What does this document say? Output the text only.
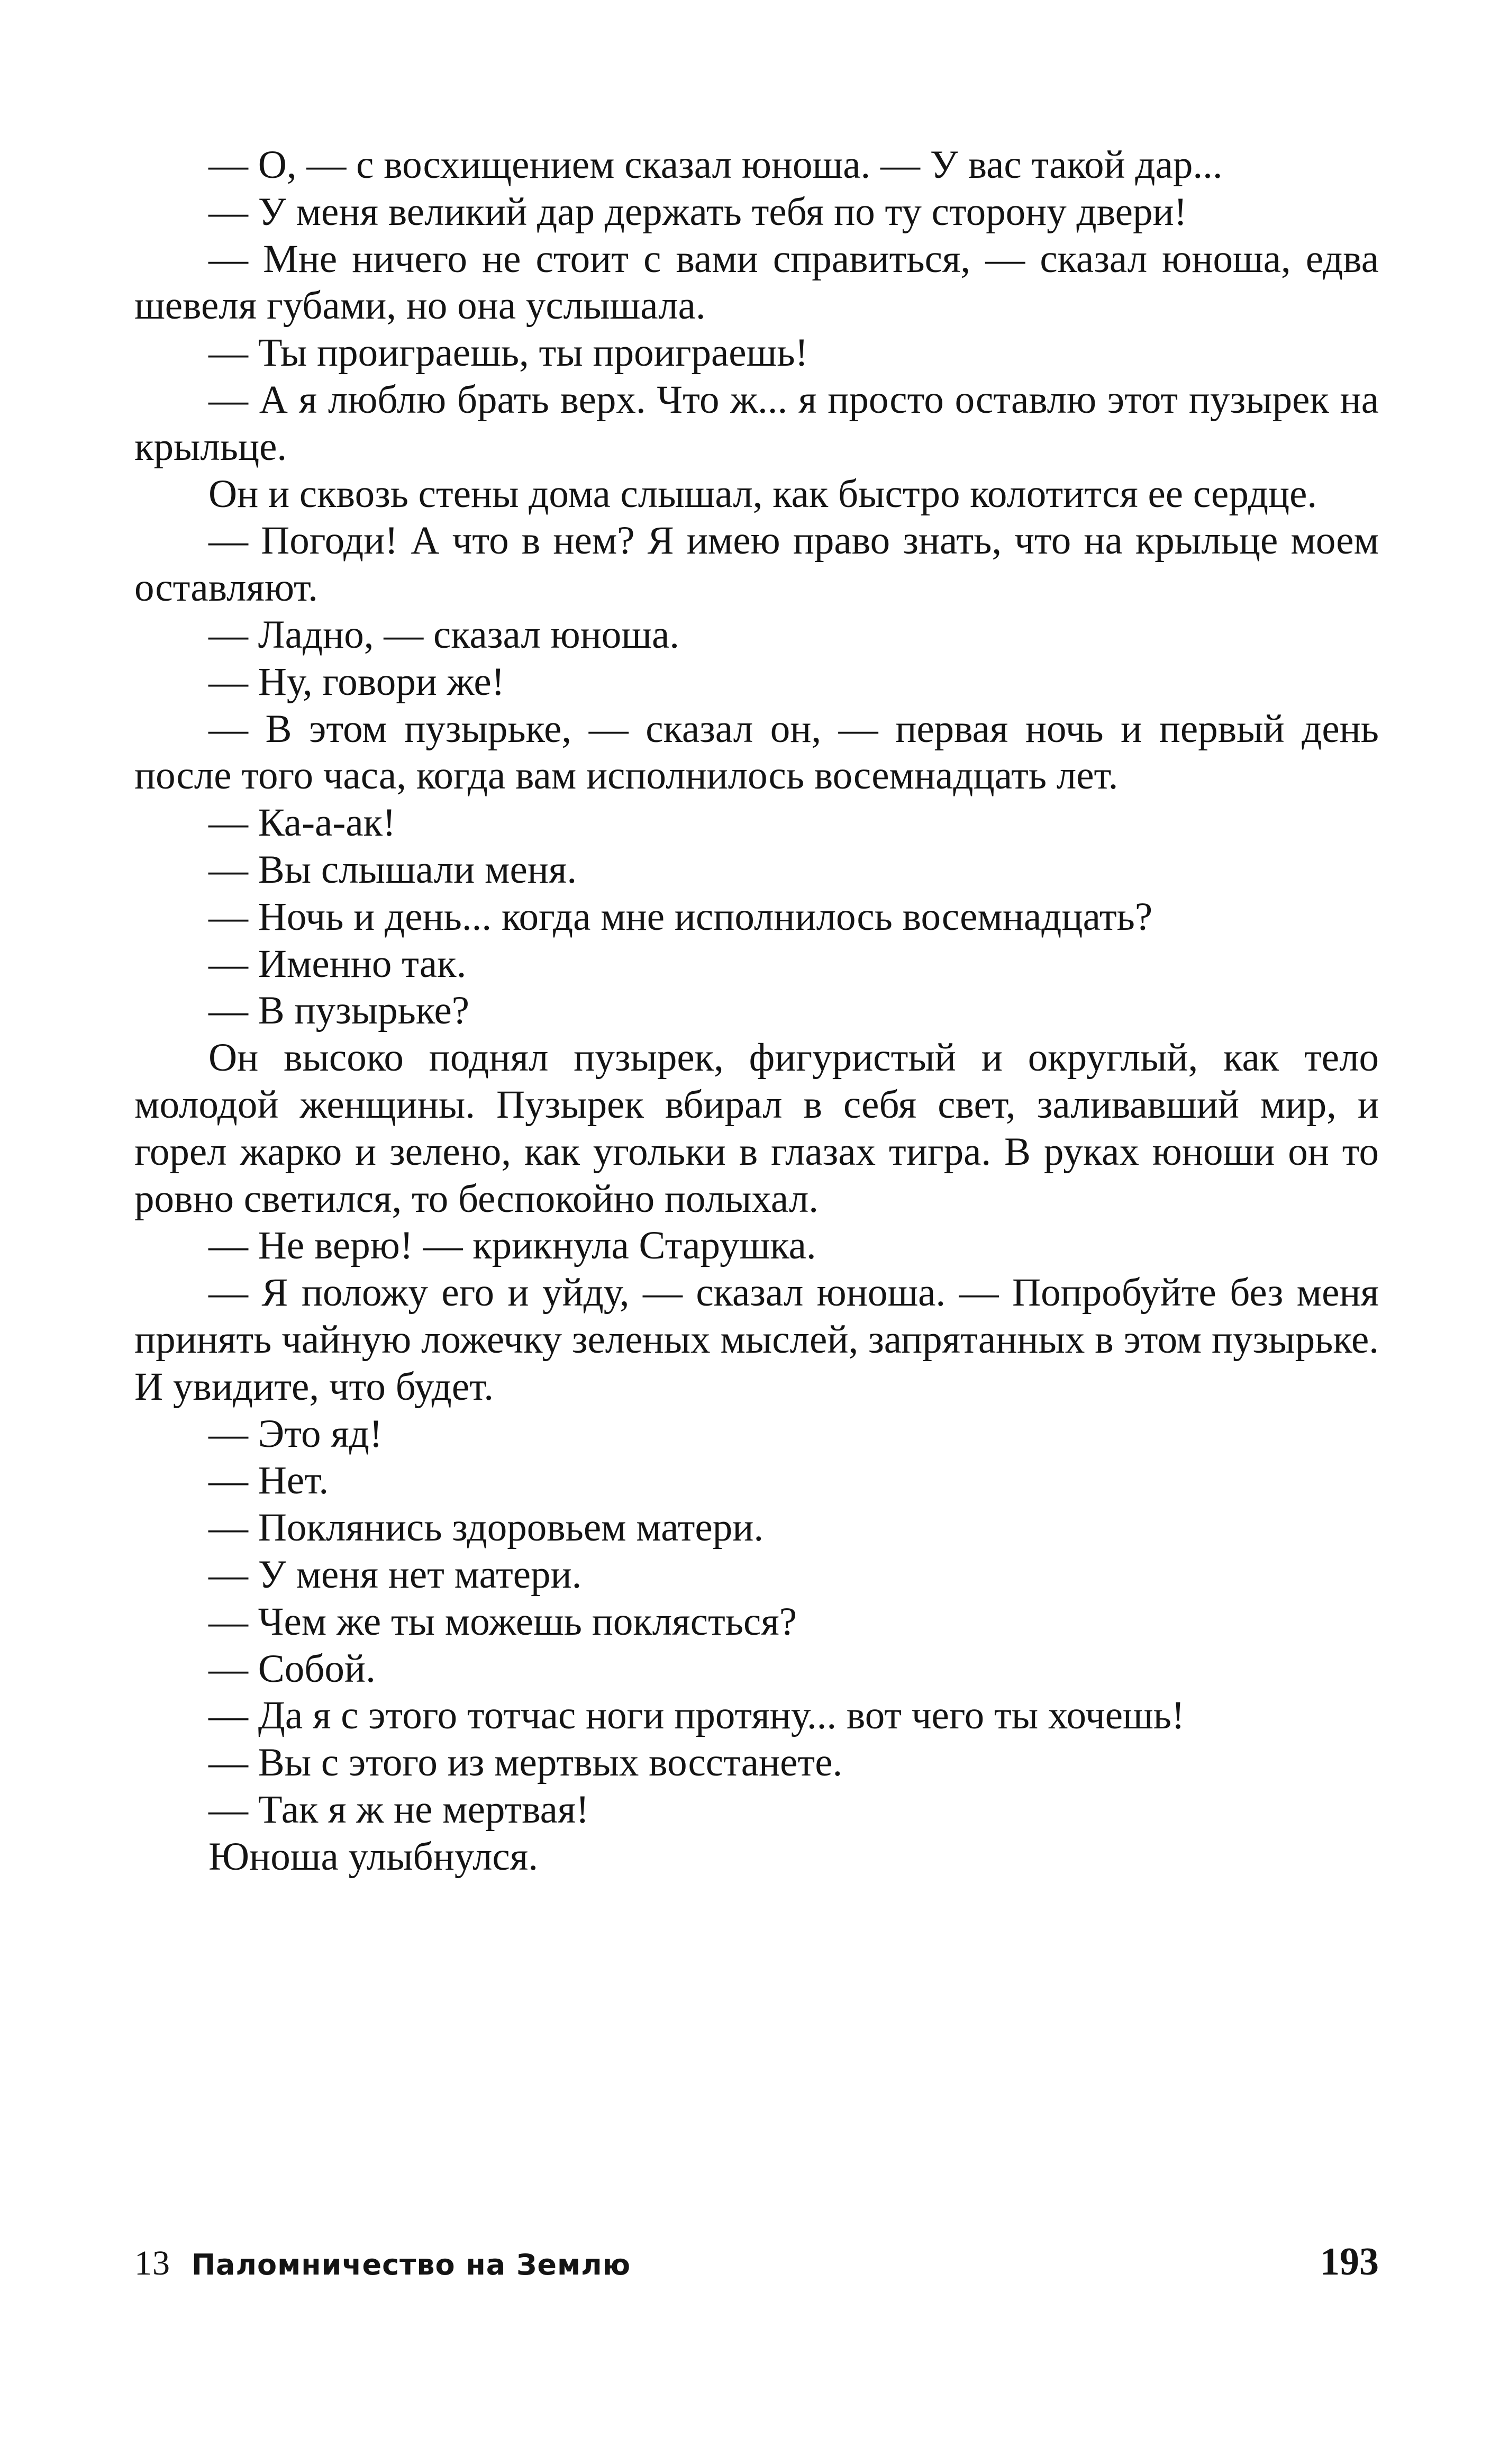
— О, — с восхищением сказал юноша. — У вас такой дар...

— У меня великий дар держать тебя по ту сторону двери!

— Мне ничего не стоит с вами справиться, — сказал юноша, едва шевеля губами, но она услышала.

— Ты проиграешь, ты проиграешь!

— А я люблю брать верх. Что ж... я просто оставлю этот пузырек на крыльце.

Он и сквозь стены дома слышал, как быстро колотится ее сердце.

— Погоди! А что в нем? Я имею право знать, что на крыльце моем оставляют.

— Ладно, — сказал юноша.

— Ну, говори же!

— В этом пузырьке, — сказал он, — первая ночь и первый день после того часа, когда вам исполнилось восемнадцать лет.

— Ка-а-ак!

— Вы слышали меня.

— Ночь и день... когда мне исполнилось восемнадцать?

— Именно так.

— В пузырьке?

Он высоко поднял пузырек, фигуристый и округлый, как тело молодой женщины. Пузырек вбирал в себя свет, заливавший мир, и горел жарко и зелено, как угольки в глазах тигра. В руках юноши он то ровно светился, то беспокойно полыхал.

— Не верю! — крикнула Старушка.

— Я положу его и уйду, — сказал юноша. — Попробуйте без меня принять чайную ложечку зеленых мыслей, запрятанных в этом пузырьке. И увидите, что будет.

— Это яд!

— Нет.

— Поклянись здоровьем матери.

— У меня нет матери.

— Чем же ты можешь поклясться?

— Собой.

— Да я с этого тотчас ноги протяну... вот чего ты хочешь!

— Вы с этого из мертвых восстанете.

— Так я ж не мертвая!

Юноша улыбнулся.

13 Паломничество на Землю	193
